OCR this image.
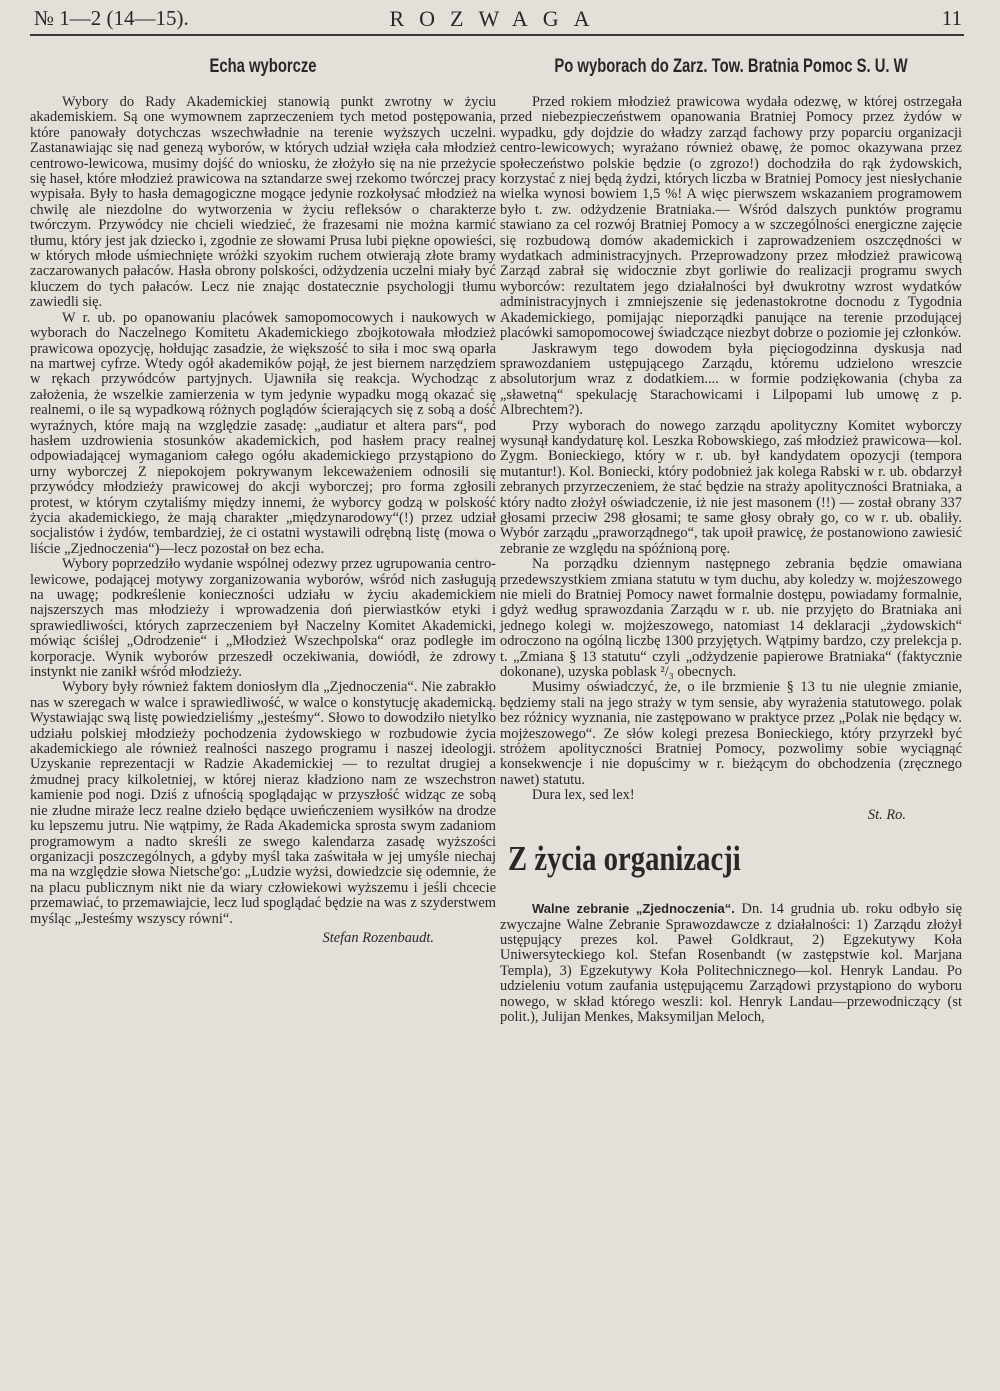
№ 1—2 (14—15).	ROZWAGA	11
Echa wyborcze

Wybory do Rady Akademickiej stanowią punkt zwrotny w życiu akademiskiem. Są one wymownem zaprzeczeniem tych metod postępowania, które panowały dotychczas wszechwładnie na terenie wyższych uczelni. Zastanawiając się nad genezą wyborów, w których udział wzięła cała młodzież centrowo-lewicowa, musimy dojść do wniosku, że złożyło się na nie przeżycie się haseł, które młodzież prawicowa na sztandarze swej rzekomo twórczej pracy wypisała. Były to hasła demagogiczne mogące jedynie rozkołysać młodzież na chwilę ale niezdolne do wytworzenia w życiu refleksów o charakterze twórczym. Przywódcy nie chcieli wiedzieć, że frazesami nie można karmić tłumu, który jest jak dziecko i, zgodnie ze słowami Prusa lubi piękne opowieści, w których młode uśmiechnięte wróżki szyokim ruchem otwierają złote bramy zaczarowanych pałaców. Hasła obrony polskości, odżydzenia uczelni miały być kluczem do tych pałaców. Lecz nie znając dostatecznie psychologji tłumu zawiedli się.

W r. ub. po opanowaniu placówek samopomocowych i naukowych w wyborach do Naczelnego Komitetu Akademickiego zbojkotowała młodzież prawicowa opozycję, hołdując zasadzie, że większość to siła i moc swą oparła na martwej cyfrze. Wtedy ogół akademików pojął, że jest biernem narzędziem w rękach przywódców partyjnych. Ujawniła się reakcja. Wychodząc z założenia, że wszelkie zamierzenia w tym jedynie wypadku mogą okazać się realnemi, o ile są wypadkową różnych poglądów ścierających się z sobą a dość wyraźnych, które mają na względzie zasadę: „audiatur et altera pars“, pod hasłem uzdrowienia stosunków akademickich, pod hasłem pracy realnej odpowiadającej wymaganiom całego ogółu akademickiego przystąpiono do urny wyborczej Z niepokojem pokrywanym lekceważeniem odnosili się przywódcy młodzieży prawicowej do akcji wyborczej; pro forma zgłosili protest, w którym czytaliśmy między innemi, że wyborcy godzą w polskość życia akademickiego, że mają charakter „międzynarodowy“(!) przez udział socjalistów i żydów, tembardziej, że ci ostatni wystawili odrębną listę (mowa o liście „Zjednoczenia“)—lecz pozostał on bez echa.

Wybory poprzedziło wydanie wspólnej odezwy przez ugrupowania centro-lewicowe, podającej motywy zorganizowania wyborów, wśród nich zasługują na uwagę; podkreślenie konieczności udziału w życiu akademickiem najszerszych mas młodzieży i wprowadzenia doń pierwiastków etyki i sprawiedliwości, których zaprzeczeniem był Naczelny Komitet Akademicki, mówiąc ściślej „Odrodzenie“ i „Młodzież Wszechpolska“ oraz podległe im korporacje. Wynik wyborów przeszedł oczekiwania, dowiódł, że zdrowy instynkt nie zanikł wśród młodzieży.

Wybory były również faktem doniosłym dla „Zjednoczenia“. Nie zabrakło nas w szeregach w walce i sprawiedliwość, w walce o konstytucję akademicką. Wystawiając swą listę powiedzieliśmy „jesteśmy“. Słowo to dowodziło nietylko udziału polskiej młodzieży pochodzenia żydowskiego w rozbudowie życia akademickiego ale również realności naszego programu i naszej ideologji. Uzyskanie reprezentacji w Radzie Akademickiej — to rezultat drugiej a żmudnej pracy kilkoletniej, w której nieraz kładziono nam ze wszechstron kamienie pod nogi. Dziś z ufnością spoglądając w przyszłość widząc ze sobą nie złudne miraże lecz realne dzieło będące uwieńczeniem wysiłków na drodze ku lepszemu jutru. Nie wątpimy, że Rada Akademicka sprosta swym zadaniom programowym a nadto skreśli ze swego kalendarza zasadę wyższości organizacji poszczególnych, a gdyby myśl taka zaświtała w jej umyśle niechaj ma na względzie słowa Nietsche'go: „Ludzie wyżsi, dowiedzcie się odemnie, że na placu publicznym nikt nie da wiary człowiekowi wyższemu i jeśli chcecie przemawiać, to przemawiajcie, lecz lud spoglądać będzie na was z szyderstwem myśląc „Jesteśmy wszyscy równi“.

Stefan Rozenbaudt.
Po wyborach do Zarz. Tow. Bratnia Pomoc S. U. W

Przed rokiem młodzież prawicowa wydała odezwę, w której ostrzegała przed niebezpieczeństwem opanowania Bratniej Pomocy przez żydów w wypadku, gdy dojdzie do władzy zarząd fachowy przy poparciu organizacji centro-lewicowych; wyrażano również obawę, że pomoc okazywana przez społeczeństwo polskie będzie (o zgrozo!) dochodziła do rąk żydowskich, korzystać z niej będą żydzi, których liczba w Bratniej Pomocy jest niesłychanie wielka wynosi bowiem 1,5 %! A więc pierwszem wskazaniem programowem było t. zw. odżydzenie Bratniaka.— Wśród dalszych punktów programu stawiano za cel rozwój Bratniej Pomocy a w szczególności energiczne zajęcie się rozbudową domów akademickich i zaprowadzeniem oszczędności w wydatkach administracyjnych. Przeprowadzony przez młodzież prawicową Zarząd zabrał się widocznie zbyt gorliwie do realizacji programu swych wyborców: rezultatem jego działalności był dwukrotny wzrost wydatków administracyjnych i zmniejszenie się jedenastokrotne docnodu z Tygodnia Akademickiego, pomijając nieporządki panujące na terenie przodującej placówki samopomocowej świadczące niezbyt dobrze o poziomie jej członków.

Jaskrawym tego dowodem była pięciogodzinna dyskusja nad sprawozdaniem ustępującego Zarządu, któremu udzielono wreszcie absolutorjum wraz z dodatkiem.... w formie podziękowania (chyba za „sławetną“ spekulację Starachowicami i Lilpopami lub umowę z p. Albrechtem?).

Przy wyborach do nowego zarządu apolityczny Komitet wyborczy wysunął kandydaturę kol. Leszka Robowskiego, zaś młodzież prawicowa—kol. Zygm. Bonieckiego, który w r. ub. był kandydatem opozycji (tempora mutantur!). Kol. Boniecki, który podobnież jak kolega Rabski w r. ub. obdarzył zebranych przyrzeczeniem, że stać będzie na straży apolityczności Bratniaka, a który nadto złożył oświadczenie, iż nie jest masonem (!!) — został obrany 337 głosami przeciw 298 głosami; te same głosy obrały go, co w r. ub. obaliły. Wybór zarządu „praworządnego“, tak upoił prawicę, że postanowiono zawiesić zebranie ze względu na spóźnioną porę.

Na porządku dziennym następnego zebrania będzie omawiana przedewszystkiem zmiana statutu w tym duchu, aby koledzy w. mojżeszowego nie mieli do Bratniej Pomocy nawet formalnie dostępu, powiadamy formalnie, gdyż według sprawozdania Zarządu w r. ub. nie przyjęto do Bratniaka ani jednego kolegi w. mojżeszowego, natomiast 14 deklaracji „żydowskich“ odroczono na ogólną liczbę 1300 przyjętych. Wątpimy bardzo, czy prelekcja p. t. „Zmiana § 13 statutu“ czyli „odżydzenie papierowe Bratniaka“ (faktycznie dokonane), uzyska poblask ²/₃ obecnych.

Musimy oświadczyć, że, o ile brzmienie § 13 tu nie ulegnie zmianie, będziemy stali na jego straży w tym sensie, aby wyrażenia statutowego. polak bez różnicy wyznania, nie zastępowano w praktyce przez „Polak nie będący w. mojżeszowego“. Ze słów kolegi prezesa Bonieckiego, który przyrzekł być stróżem apolityczności Bratniej Pomocy, pozwolimy sobie wyciągnąć konsekwencje i nie dopuścimy w r. bieżącym do obchodzenia (zręcznego nawet) statutu.

Dura lex, sed lex!

St. Ro.
Z życia organizacji

Walne zebranie „Zjednoczenia“. Dn. 14 grudnia ub. roku odbyło się zwyczajne Walne Zebranie Sprawozdawcze z działalności: 1) Zarządu złożył ustępujący prezes kol. Paweł Goldkraut, 2) Egzekutywy Koła Uniwersyteckiego kol. Stefan Rosenbandt (w zastępstwie kol. Marjana Templa), 3) Egzekutywy Koła Politechnicznego—kol. Henryk Landau. Po udzieleniu votum zaufania ustępującemu Zarządowi przystąpiono do wyboru nowego, w skład którego weszli: kol. Henryk Landau—przewodniczący (st polit.), Julijan Menkes, Maksymiljan Meloch,
